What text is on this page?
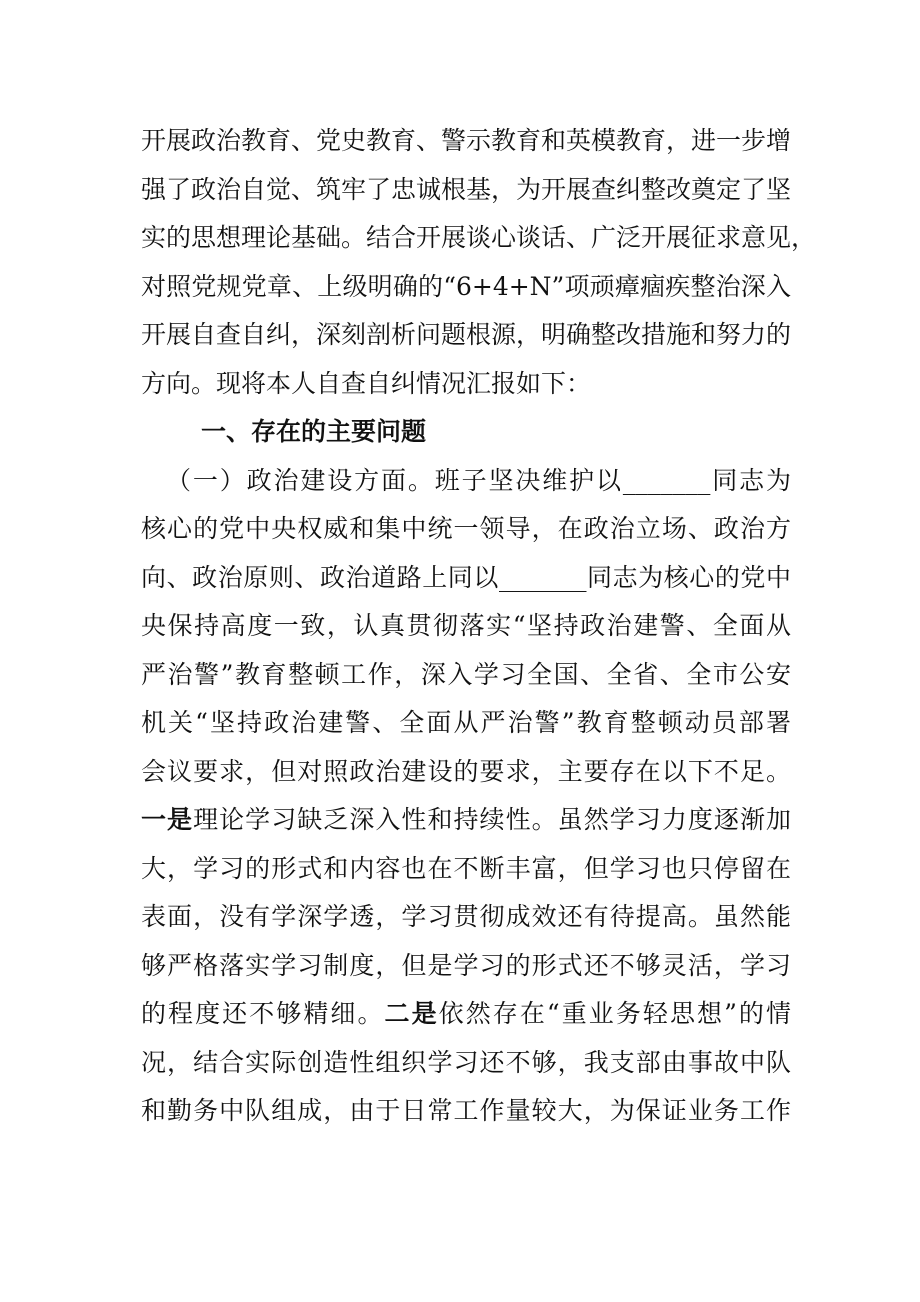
开展政治教育、党史教育、警示教育和英模教育，进一步增
强了政治自觉、筑牢了忠诚根基，为开展查纠整改奠定了坚
实的思想理论基础。结合开展谈心谈话、广泛开展征求意见，
对照党规党章、上级明确的“6+4+N”项顽瘴痼疾整治深入
开展自查自纠，深刻剖析问题根源，明确整改措施和努力的
方向。现将本人自查自纠情况汇报如下：
一、存在的主要问题
（一）政治建设方面。班子坚决维护以_______同志为
核心的党中央权威和集中统一领导，在政治立场、政治方
向、政治原则、政治道路上同以_______同志为核心的党中
央保持高度一致，认真贯彻落实“坚持政治建警、全面从
严治警”教育整顿工作，深入学习全国、全省、全市公安
机关“坚持政治建警、全面从严治警”教育整顿动员部署
会议要求，但对照政治建设的要求，主要存在以下不足。
一是理论学习缺乏深入性和持续性。虽然学习力度逐渐加
大，学习的形式和内容也在不断丰富，但学习也只停留在
表面，没有学深学透，学习贯彻成效还有待提高。虽然能
够严格落实学习制度，但是学习的形式还不够灵活，学习
的程度还不够精细。二是依然存在“重业务轻思想”的情
况，结合实际创造性组织学习还不够，我支部由事故中队
和勤务中队组成，由于日常工作量较大，为保证业务工作
